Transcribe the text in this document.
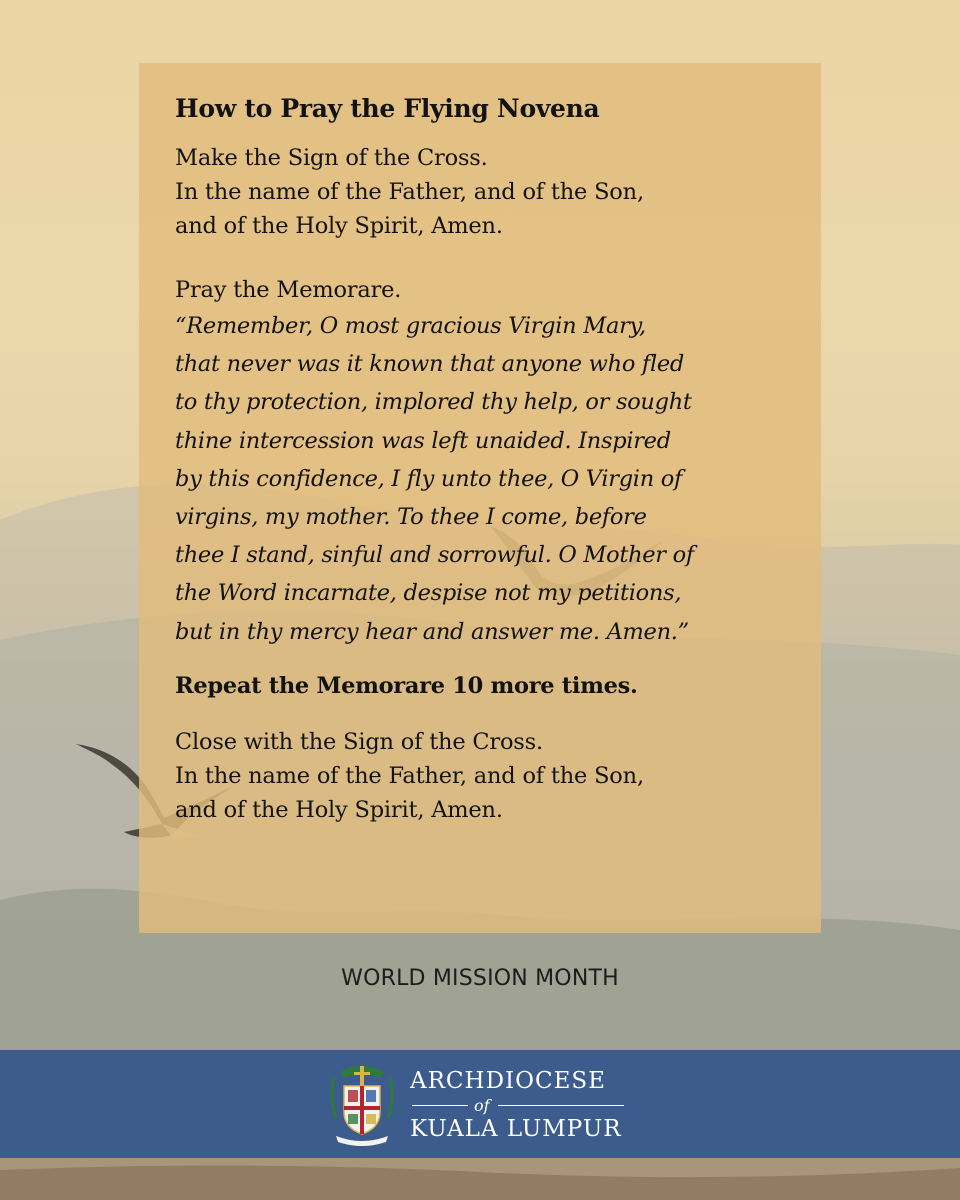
How to Pray the Flying Novena

Make the Sign of the Cross.

In the name of the Father, and of the Son,

and of the Holy Spirit, Amen.

Pray the Memorare.

“Remember, O most gracious Virgin Mary,

that never was it known that anyone who fled

to thy protection, implored thy help, or sought

thine intercession was left unaided. Inspired

by this confidence, I fly unto thee, O Virgin of

virgins, my mother. To thee I come, before

thee I stand, sinful and sorrowful. O Mother of

the Word incarnate, despise not my petitions,

but in thy mercy hear and answer me. Amen.”

Repeat the Memorare 10 more times.

Close with the Sign of the Cross.

In the name of the Father, and of the Son,

and of the Holy Spirit, Amen.

WORLD MISSION MONTH
ARCHDIOCESE
of
KUALA LUMPUR
